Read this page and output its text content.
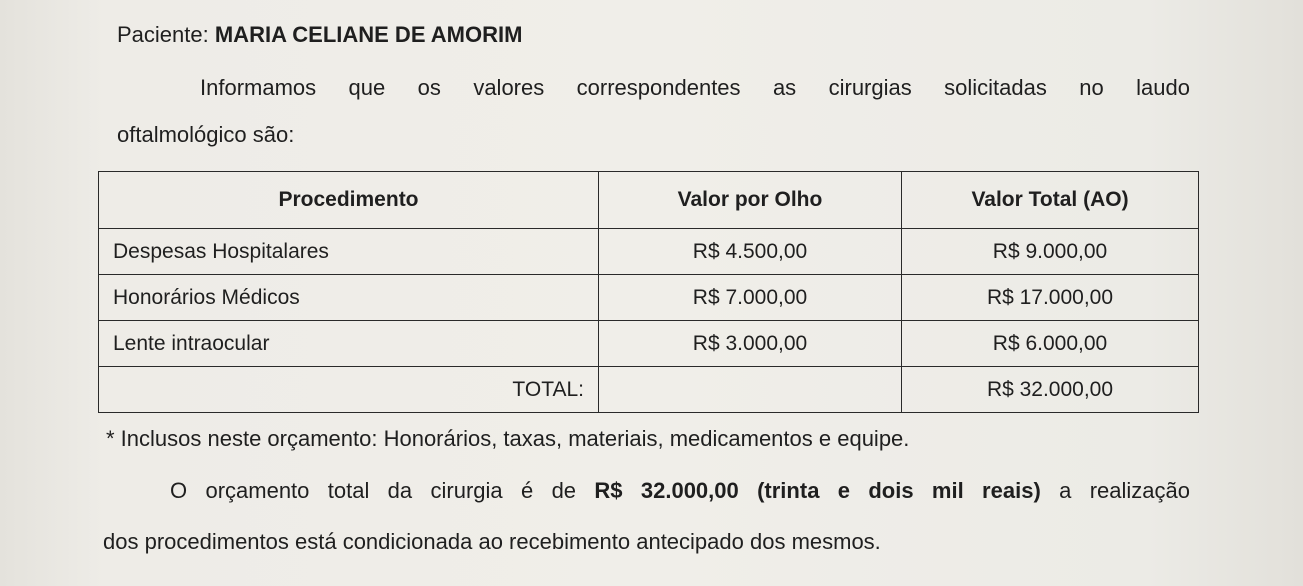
Paciente: MARIA CELIANE DE AMORIM
Informamos que os valores correspondentes as cirurgias solicitadas no laudo
oftalmológico são:
Procedimento	Valor por Olho	Valor Total (AO)
Despesas Hospitalares	R$ 4.500,00	R$ 9.000,00
Honorários Médicos	R$ 7.000,00	R$ 17.000,00
Lente intraocular	R$ 3.000,00	R$ 6.000,00
TOTAL:		R$ 32.000,00
* Inclusos neste orçamento: Honorários, taxas, materiais, medicamentos e equipe.
O orçamento total da cirurgia é de R$ 32.000,00 (trinta e dois mil reais) a realização
dos procedimentos está condicionada ao recebimento antecipado dos mesmos.
